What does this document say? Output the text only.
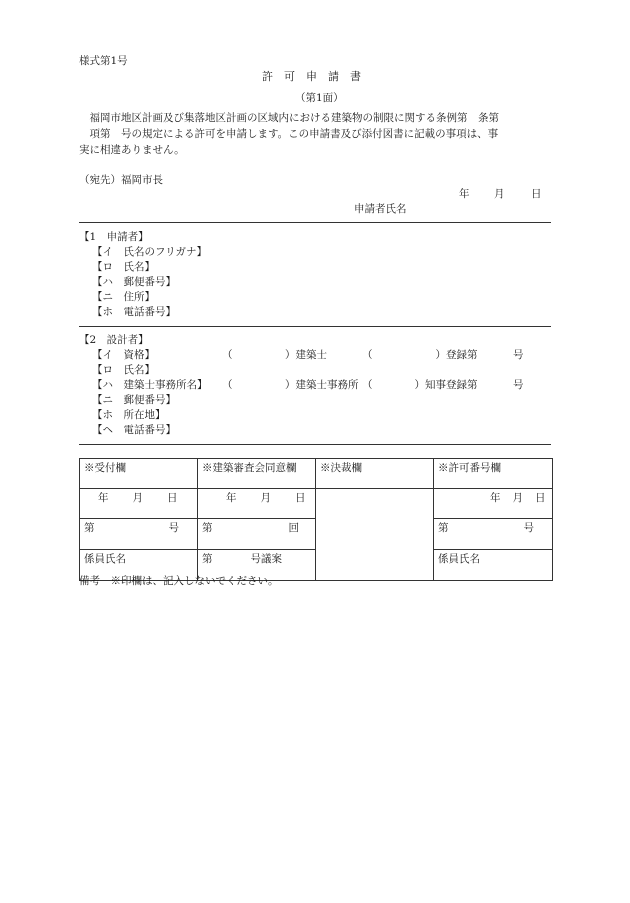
様式第1号
許　可　申　請　書
（第1面）
　福岡市地区計画及び集落地区計画の区域内における建築物の制限に関する条例第　条第
　項第　号の規定による許可を申請します。この申請書及び添付図書に記載の事項は、事
実に相違ありません。
（宛先）福岡市長
年 月	日
申請者氏名
【1　申請者】
【イ　氏名のフリガナ】
【ロ　氏名】
【ハ　郵便番号】
【ニ　住所】
【ホ　電話番号】
【2　設計者】
【イ　資格】	（　　　　　）建築士	（　　　　　　）登録第	号
【ロ　氏名】
【ハ　建築士事務所名】 （　　　　　）建築士事務所 （　　　　）知事登録第	号
【ニ　郵便番号】
【ホ　所在地】
【ヘ　電話番号】
※受付欄	※建築審査会同意欄	※決裁欄	※許可番号欄
年 月 日	年 月 日		年 月 日

第 号	第 回		第 号

係員氏名	第 号議案		係員氏名
備考　※印欄は、記入しないでください。
